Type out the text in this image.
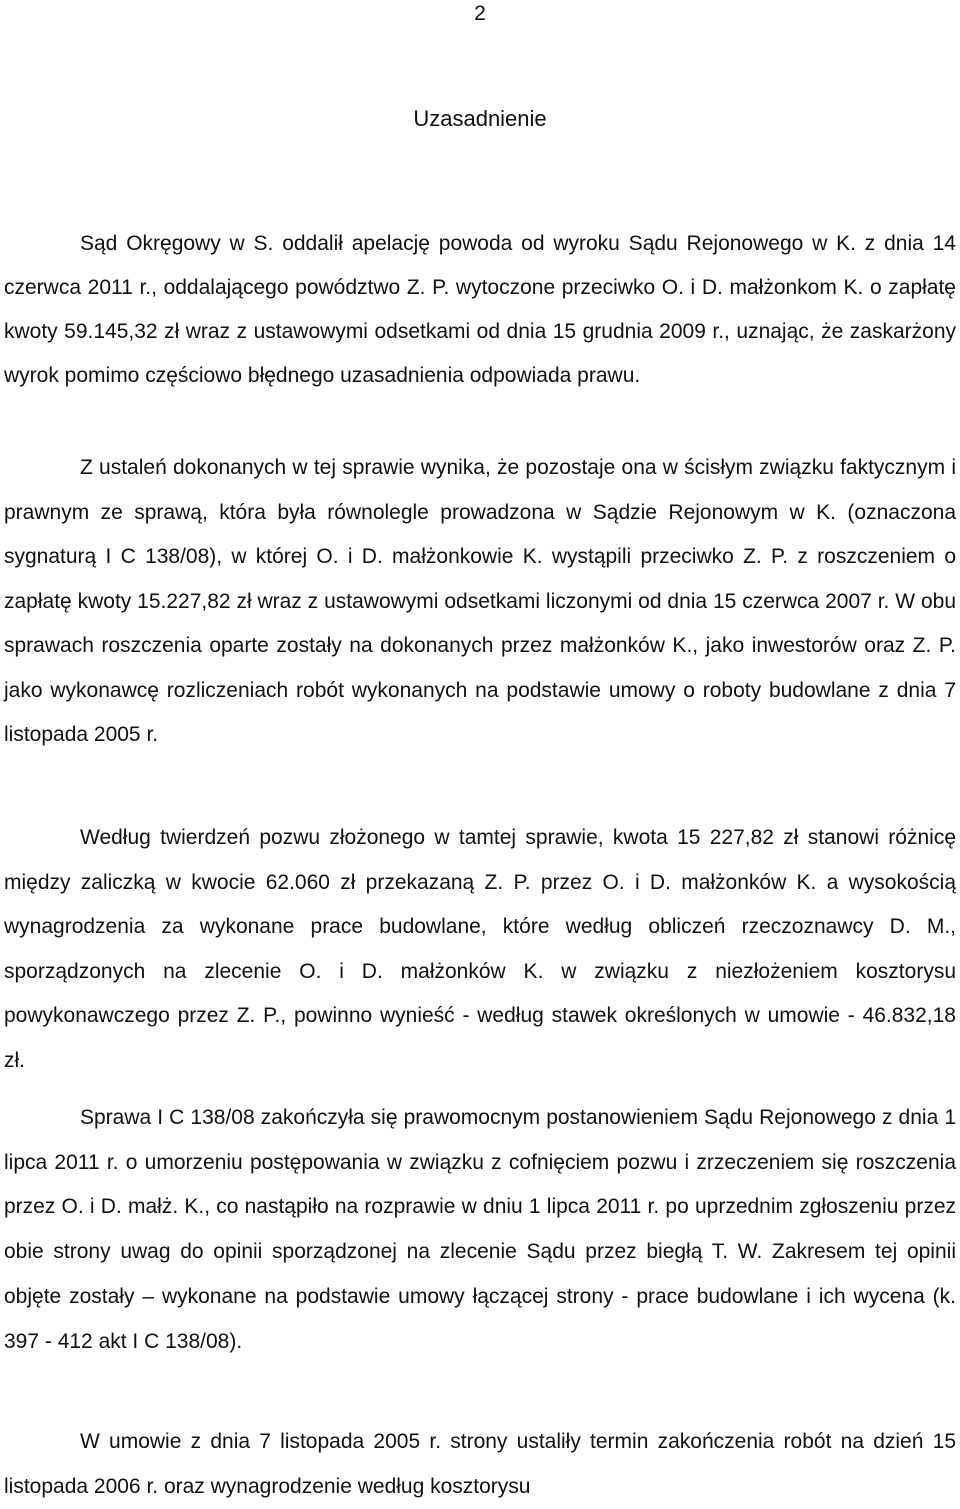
2
Uzasadnienie

Sąd Okręgowy w S. oddalił apelację powoda od wyroku Sądu Rejonowego w K. z dnia 14 czerwca 2011 r., oddalającego powództwo Z. P. wytoczone przeciwko O. i D. małżonkom K. o zapłatę kwoty 59.145,32 zł wraz z ustawowymi odsetkami od dnia 15 grudnia 2009 r., uznając, że zaskarżony wyrok pomimo częściowo błędnego uzasadnienia odpowiada prawu.

Z ustaleń dokonanych w tej sprawie wynika, że pozostaje ona w ścisłym związku faktycznym i prawnym ze sprawą, która była równolegle prowadzona w Sądzie Rejonowym w K. (oznaczona sygnaturą I C 138/08), w której O. i D. małżonkowie K. wystąpili przeciwko Z. P. z roszczeniem o zapłatę kwoty 15.227,82 zł wraz z ustawowymi odsetkami liczonymi od dnia 15 czerwca 2007 r. W obu sprawach roszczenia oparte zostały na dokonanych przez małżonków K., jako inwestorów oraz Z. P. jako wykonawcę rozliczeniach robót wykonanych na podstawie umowy o roboty budowlane z dnia 7 listopada 2005 r.

Według twierdzeń pozwu złożonego w tamtej sprawie, kwota 15 227,82 zł stanowi różnicę między zaliczką w kwocie 62.060 zł przekazaną Z. P. przez O. i D. małżonków K. a wysokością wynagrodzenia za wykonane prace budowlane, które według obliczeń rzeczoznawcy D. M., sporządzonych na zlecenie O. i D. małżonków K. w związku z niezłożeniem kosztorysu powykonawczego przez Z. P., powinno wynieść - według stawek określonych w umowie - 46.832,18 zł.

Sprawa I C 138/08 zakończyła się prawomocnym postanowieniem Sądu Rejonowego z dnia 1 lipca 2011 r. o umorzeniu postępowania w związku z cofnięciem pozwu i zrzeczeniem się roszczenia przez O. i D. małż. K., co nastąpiło na rozprawie w dniu 1 lipca 2011 r. po uprzednim zgłoszeniu przez obie strony uwag do opinii sporządzonej na zlecenie Sądu przez biegłą T. W. Zakresem tej opinii objęte zostały – wykonane na podstawie umowy łączącej strony - prace budowlane i ich wycena (k. 397 - 412 akt I C 138/08).

W umowie z dnia 7 listopada 2005 r. strony ustaliły termin zakończenia robót na dzień 15 listopada 2006 r. oraz wynagrodzenie według kosztorysu
